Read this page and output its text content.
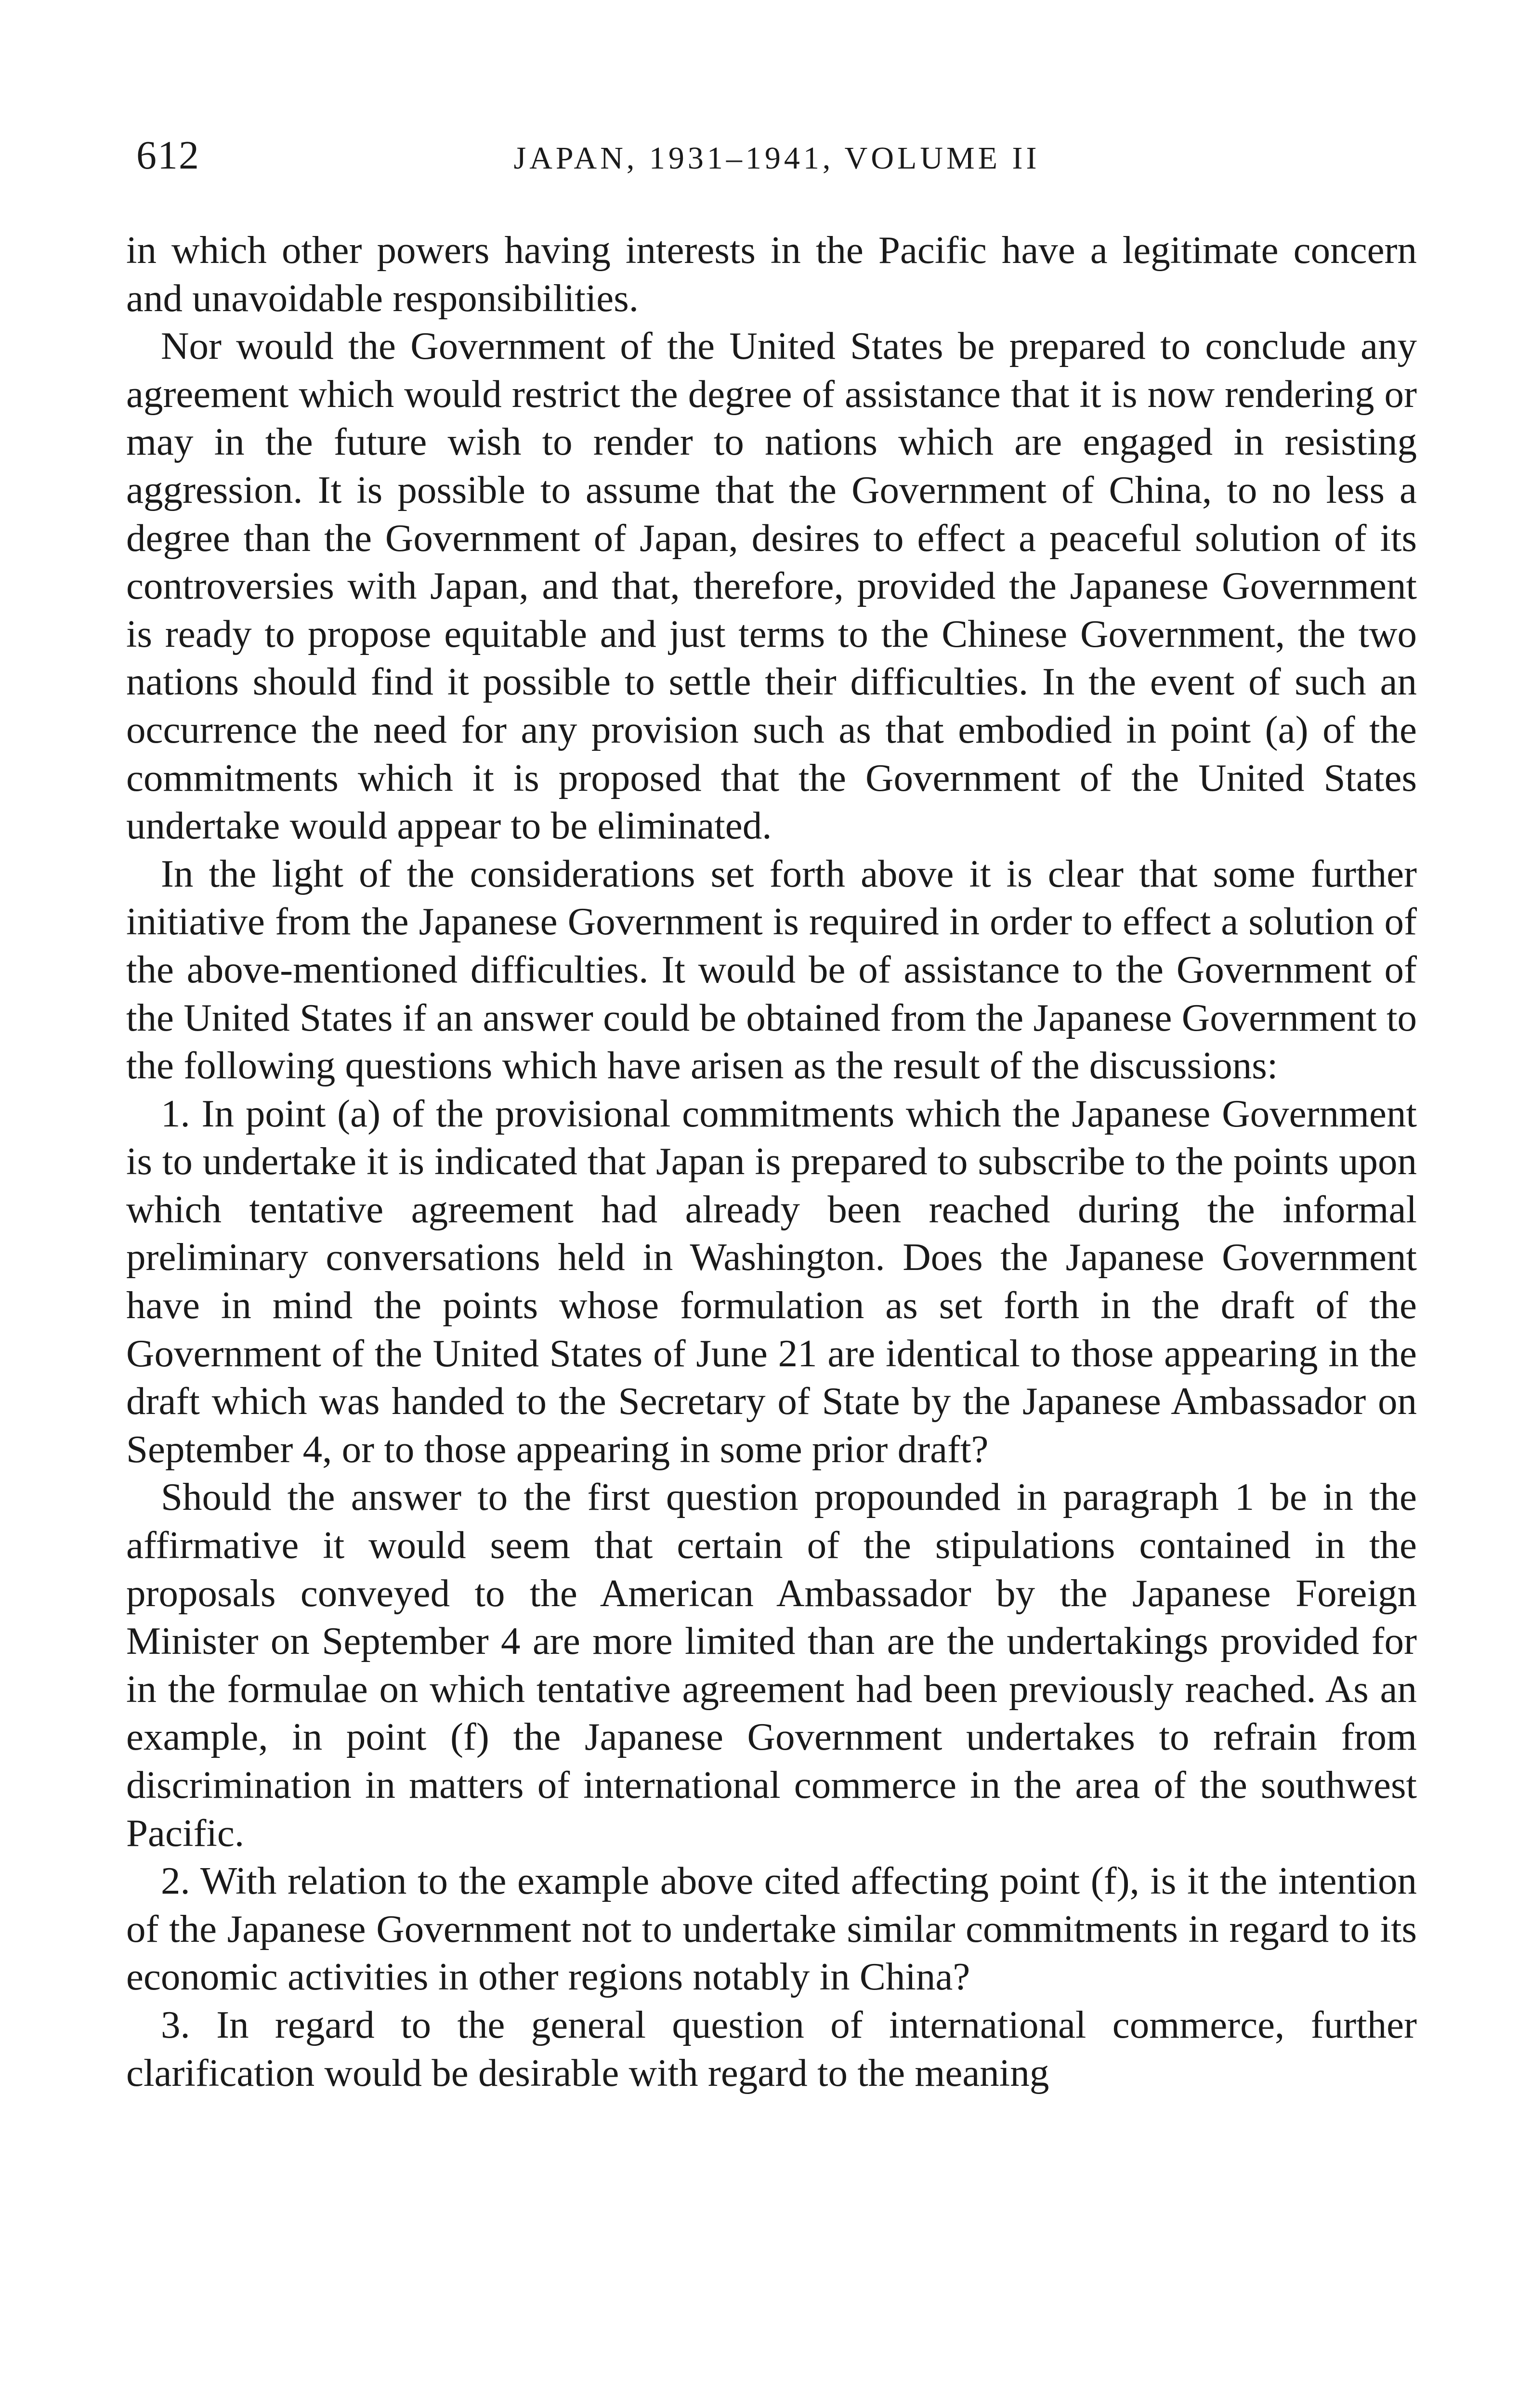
612	JAPAN, 1931–1941, VOLUME II

in which other powers having interests in the Pacific have a legitimate concern and unavoidable responsibilities.

Nor would the Government of the United States be prepared to conclude any agreement which would restrict the degree of assistance that it is now rendering or may in the future wish to render to nations which are engaged in resisting aggression. It is possible to assume that the Government of China, to no less a degree than the Government of Japan, desires to effect a peaceful solution of its controversies with Japan, and that, therefore, provided the Japanese Government is ready to propose equitable and just terms to the Chinese Government, the two nations should find it possible to settle their difficulties. In the event of such an occurrence the need for any provision such as that embodied in point (a) of the commitments which it is proposed that the Government of the United States undertake would appear to be eliminated.

In the light of the considerations set forth above it is clear that some further initiative from the Japanese Government is required in order to effect a solution of the above-mentioned difficulties. It would be of assistance to the Government of the United States if an answer could be obtained from the Japanese Government to the following questions which have arisen as the result of the discussions:

1. In point (a) of the provisional commitments which the Japanese Government is to undertake it is indicated that Japan is prepared to subscribe to the points upon which tentative agreement had already been reached during the informal preliminary conversations held in Washington. Does the Japanese Government have in mind the points whose formulation as set forth in the draft of the Government of the United States of June 21 are identical to those appearing in the draft which was handed to the Secretary of State by the Japanese Ambassador on September 4, or to those appearing in some prior draft?

Should the answer to the first question propounded in paragraph 1 be in the affirmative it would seem that certain of the stipulations contained in the proposals conveyed to the American Ambassador by the Japanese Foreign Minister on September 4 are more limited than are the undertakings provided for in the formulae on which tentative agreement had been previously reached. As an example, in point (f) the Japanese Government undertakes to refrain from discrimination in matters of international commerce in the area of the southwest Pacific.

2. With relation to the example above cited affecting point (f), is it the intention of the Japanese Government not to undertake similar commitments in regard to its economic activities in other regions notably in China?

3. In regard to the general question of international commerce, further clarification would be desirable with regard to the meaning
